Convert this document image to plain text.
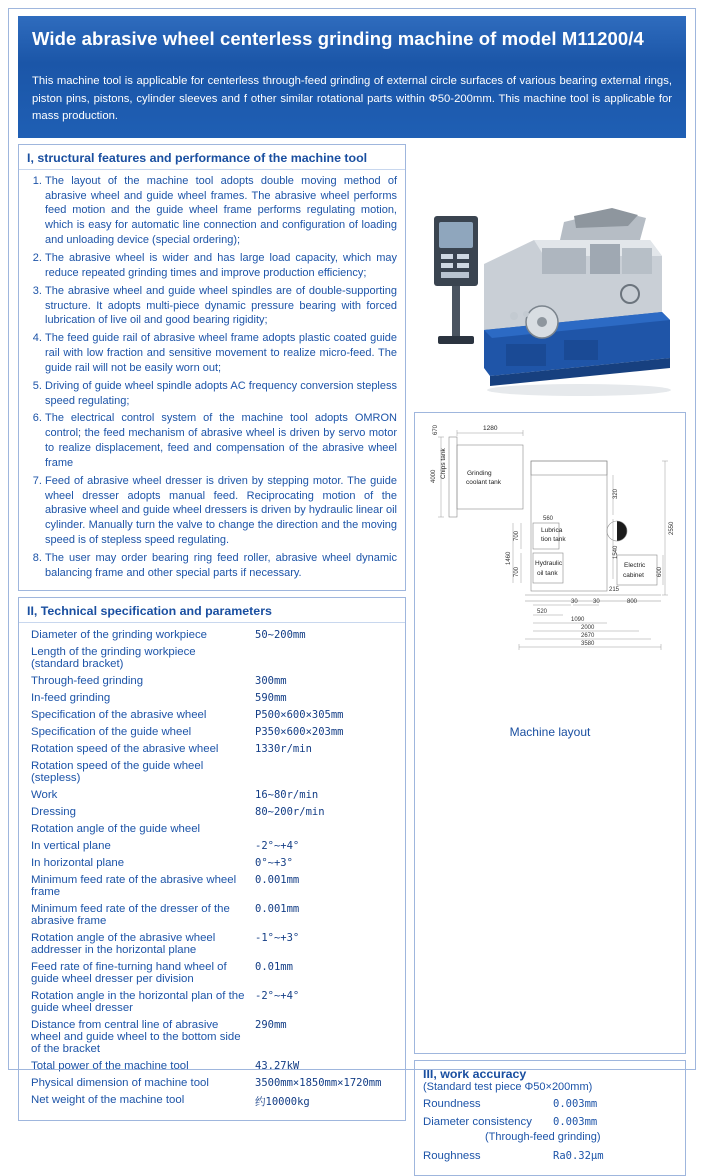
Wide abrasive wheel centerless grinding machine of model M11200/4
This machine tool is applicable for centerless through-feed grinding of external circle surfaces of various bearing external rings, piston pins, pistons, cylinder sleeves and f other similar rotational parts within Φ50-200mm. This machine tool is applicable for mass production.
I, structural features and performance of the machine tool
1. The layout of the machine tool adopts double moving method of abrasive wheel and guide wheel frames. The abrasive wheel performs feed motion and the guide wheel frame performs regulating motion, which is easy for automatic line connection and configuration of loading and unloading device (special ordering);
2. The abrasive wheel is wider and has large load capacity, which may reduce repeated grinding times and improve production efficiency;
3. The abrasive wheel and guide wheel spindles are of double-supporting structure. It adopts multi-piece dynamic pressure bearing with forced lubrication of live oil and good bearing rigidity;
4. The feed guide rail of abrasive wheel frame adopts plastic coated guide rail with low fraction and sensitive movement to realize micro-feed. The guide rail will not be easily worn out;
5. Driving of guide wheel spindle adopts AC frequency conversion stepless speed regulating;
6. The electrical control system of the machine tool adopts OMRON control; the feed mechanism of abrasive wheel is driven by servo motor to realize displacement, feed and compensation of the abrasive wheel frame
7. Feed of abrasive wheel dresser is driven by stepping motor. The guide wheel dresser adopts manual feed. Reciprocating motion of the abrasive wheel and guide wheel dressers is driven by hydraulic linear oil cylinder. Manually turn the valve to change the direction and the moving speed is of stepless speed regulating.
8. The user may order bearing ring feed roller, abrasive wheel dynamic balancing frame and other special parts if necessary.
II, Technical specification and parameters
Diameter of the grinding workpiece	50~200mm
Length of the grinding workpiece (standard bracket)	
Through-feed grinding	300mm
In-feed grinding	590mm
Specification of the abrasive wheel	P500×600×305mm
Specification of the guide wheel	P350×600×203mm
Rotation speed of the abrasive wheel	1330r/min
Rotation speed of the guide wheel (stepless)	
Work	16~80r/min
Dressing	80~200r/min
Rotation angle of the guide wheel	
In vertical plane	-2°~+4°
In horizontal plane	0°~+3°
Minimum feed rate of the abrasive wheel frame	0.001mm
Minimum feed rate of the dresser of the abrasive frame	0.001mm
Rotation angle of the abrasive wheel addresser in the horizontal plane	-1°~+3°
Feed rate of fine-turning hand wheel of guide wheel dresser per division	0.01mm
Rotation angle in the horizontal plan of the guide wheel dresser	-2°~+4°
Distance from central line of abrasive wheel and guide wheel to the bottom side of the bracket	290mm
Total power of the machine tool	43.27kW
Physical dimension of machine tool	3500mm×1850mm×1720mm
Net weight of the machine tool	约10000kg
1280
670
4000
320
1540
2550
560
700
1460
700	600
800
30	30
520
1090
2000
2670
3580
215
Chips tank	Grinding
coolant tank
Lubrica
tion tank
Hydraulic
oil tank
Electric
cabinet
Machine layout
III, work accuracy
(Standard test piece Φ50×200mm)
Roundness	0.003mm
Diameter consistency	0.003mm
(Through-feed grinding)
Roughness	Ra0.32μm
